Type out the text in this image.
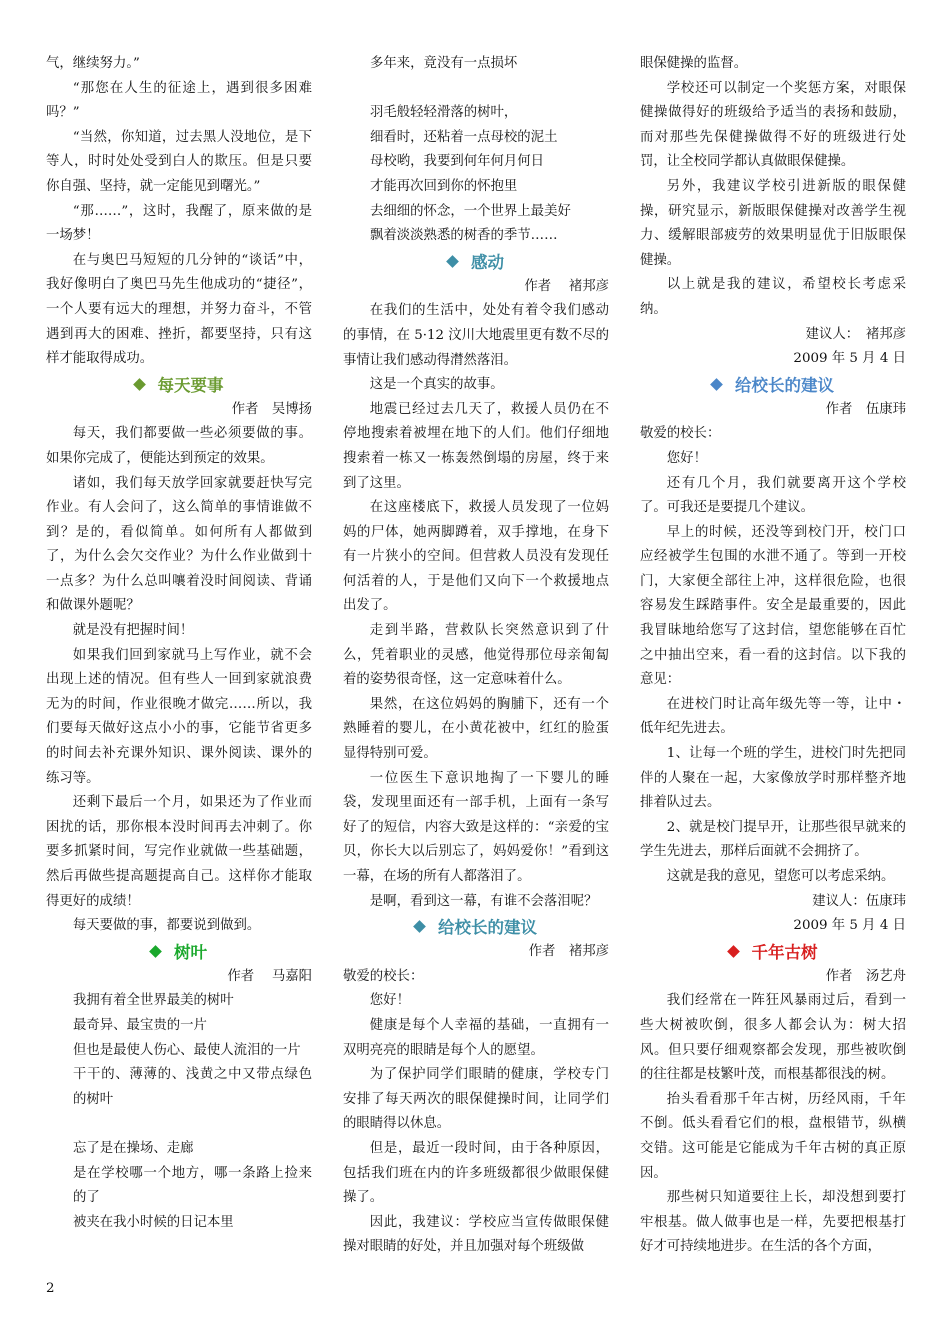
气，继续努力。”

“那您在人生的征途上，遇到很多困难吗？”

“当然，你知道，过去黑人没地位，是下等人，时时处处受到白人的欺压。但是只要你自强、坚持，就一定能见到曙光。”

“那……”，这时，我醒了，原来做的是一场梦！

在与奥巴马短短的几分钟的“谈话”中，我好像明白了奥巴马先生他成功的“捷径”，一个人要有远大的理想，并努力奋斗，不管遇到再大的困难、挫折，都要坚持，只有这样才能取得成功。

每天要事

作者　吴博扬

每天，我们都要做一些必须要做的事。如果你完成了，便能达到预定的效果。

诸如，我们每天放学回家就要赶快写完作业。有人会问了，这么简单的事情谁做不到？是的，看似简单。如何所有人都做到了，为什么会欠交作业？为什么作业做到十一点多？为什么总叫嚷着没时间阅读、背诵和做课外题呢？

就是没有把握时间！

如果我们回到家就马上写作业，就不会出现上述的情况。但有些人一回到家就浪费无为的时间，作业很晚才做完……所以，我们要每天做好这点小小的事，它能节省更多的时间去补充课外知识、课外阅读、课外的练习等。

还剩下最后一个月，如果还为了作业而困扰的话，那你根本没时间再去冲刺了。你要多抓紧时间，写完作业就做一些基础题，然后再做些提高题提高自己。这样你才能取得更好的成绩！

每天要做的事，都要说到做到。

树叶

作者　 马嘉阳

我拥有着全世界最美的树叶

最奇异、最宝贵的一片

但也是最使人伤心、最使人流泪的一片

干干的、薄薄的、浅黄之中又带点绿色的树叶

忘了是在操场、走廊

是在学校哪一个地方，哪一条路上捡来的了

被夹在我小时候的日记本里

多年来，竟没有一点损坏

羽毛般轻轻滑落的树叶，

细看时，还粘着一点母校的泥土

母校哟，我要到何年何月何日

才能再次回到你的怀抱里

去细细的怀念，一个世界上最美好

飘着淡淡熟悉的树香的季节……

感动

作者　 褚邦彦

在我们的生活中，处处有着令我们感动的事情，在 5·12 汶川大地震里更有数不尽的事情让我们感动得潸然落泪。

这是一个真实的故事。

地震已经过去几天了，救援人员仍在不停地搜索着被埋在地下的人们。他们仔细地搜索着一栋又一栋轰然倒塌的房屋，终于来到了这里。

在这座楼底下，救援人员发现了一位妈妈的尸体，她两脚蹲着，双手撑地，在身下有一片狭小的空间。但营救人员没有发现任何活着的人，于是他们又向下一个救援地点出发了。

走到半路，营救队长突然意识到了什么，凭着职业的灵感，他觉得那位母亲匍匐着的姿势很奇怪，这一定意味着什么。

果然，在这位妈妈的胸脯下，还有一个熟睡着的婴儿，在小黄花被中，红红的脸蛋显得特别可爱。

一位医生下意识地掏了一下婴儿的睡袋，发现里面还有一部手机，上面有一条写好了的短信，内容大致是这样的：“亲爱的宝贝，你长大以后别忘了，妈妈爱你！”看到这一幕，在场的所有人都落泪了。

是啊，看到这一幕，有谁不会落泪呢？

给校长的建议

作者　褚邦彦

敬爱的校长：

您好！

健康是每个人幸福的基础，一直拥有一双明亮亮的眼睛是每个人的愿望。

为了保护同学们眼睛的健康，学校专门安排了每天两次的眼保健操时间，让同学们的眼睛得以休息。

但是，最近一段时间，由于各种原因，包括我们班在内的许多班级都很少做眼保健操了。

因此，我建议：学校应当宣传做眼保健操对眼睛的好处，并且加强对每个班级做

眼保健操的监督。

学校还可以制定一个奖惩方案，对眼保健操做得好的班级给予适当的表扬和鼓励，而对那些先保健操做得不好的班级进行处罚，让全校同学都认真做眼保健操。

另外，我建议学校引进新版的眼保健操，研究显示，新版眼保健操对改善学生视力、缓解眼部疲劳的效果明显优于旧版眼保健操。

以上就是我的建议，希望校长考虑采纳。

建议人：　褚邦彦

2009 年 5 月 4 日

给校长的建议

作者　伍康玮

敬爱的校长：

您好！

还有几个月，我们就要离开这个学校了。可我还是要提几个建议。

早上的时候，还没等到校门开，校门口应经被学生包围的水泄不通了。等到一开校门，大家便全部往上冲，这样很危险，也很容易发生踩踏事件。安全是最重要的，因此我冒昧地给您写了这封信，望您能够在百忙之中抽出空来，看一看的这封信。以下我的意见：

在进校门时让高年级先等一等，让中・低年纪先进去。

1、让每一个班的学生，进校门时先把同伴的人聚在一起，大家像放学时那样整齐地排着队过去。

2、就是校门提早开，让那些很早就来的学生先进去，那样后面就不会拥挤了。

这就是我的意见，望您可以考虑采纳。

建议人：伍康玮

2009 年 5 月 4 日

千年古树

作者　汤艺舟

我们经常在一阵狂风暴雨过后，看到一些大树被吹倒，很多人都会认为：树大招风。但只要仔细观察都会发现，那些被吹倒的往往都是枝繁叶茂，而根基都很浅的树。

抬头看看那千年古树，历经风雨，千年不倒。低头看看它们的根，盘根错节，纵横交错。这可能是它能成为千年古树的真正原因。

那些树只知道要往上长，却没想到要打牢根基。做人做事也是一样，先要把根基打好才可持续地进步。在生活的各个方面，

2
